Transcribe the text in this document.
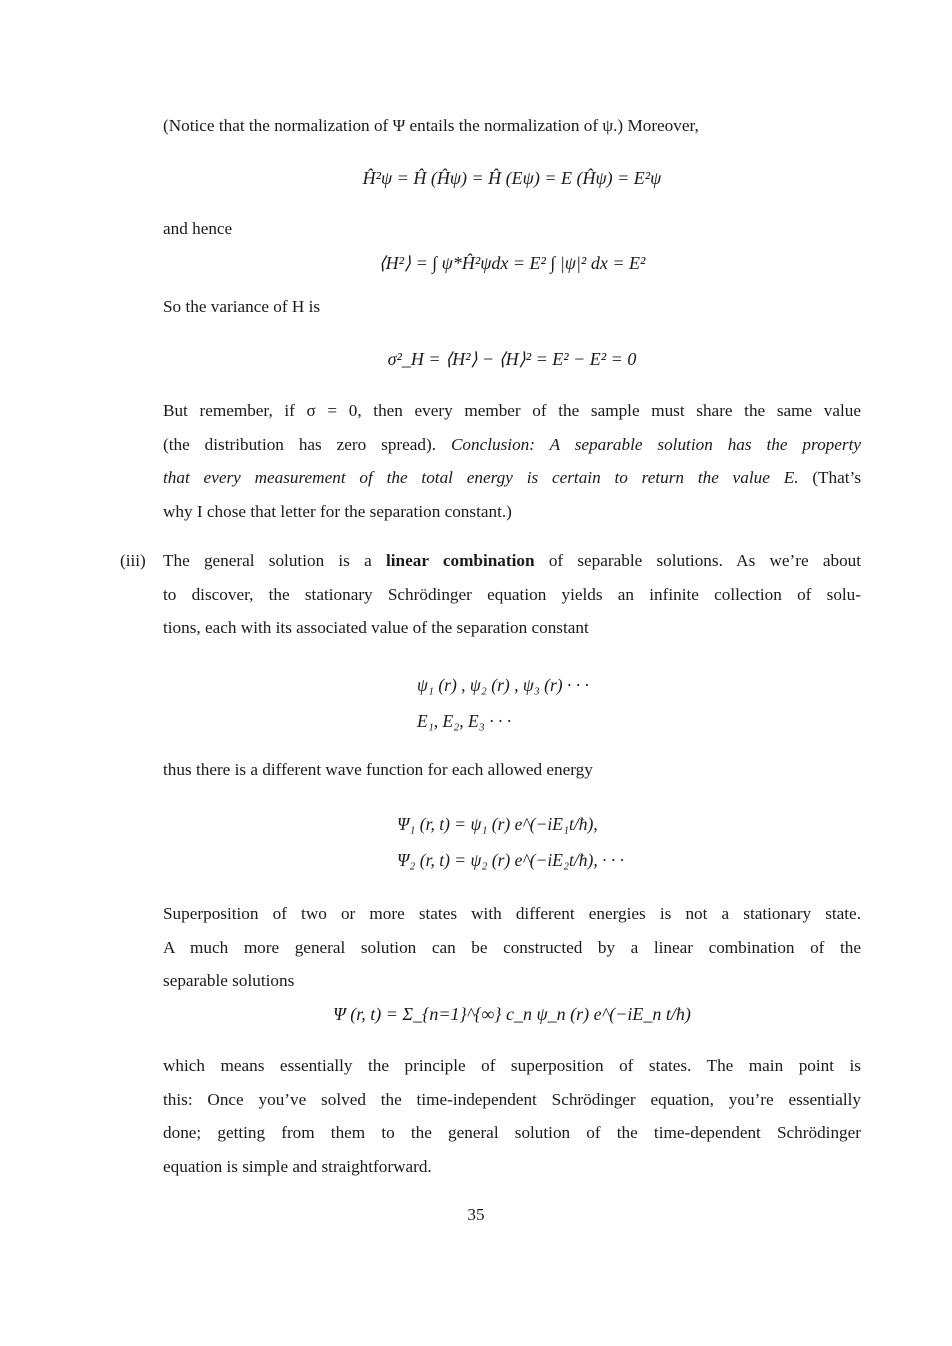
(Notice that the normalization of Ψ entails the normalization of ψ.) Moreover,
Ĥ²ψ = Ĥ (Ĥψ) = Ĥ (Eψ) = E (Ĥψ) = E²ψ
and hence
⟨H²⟩ = ∫ ψ*Ĥ²ψdx = E² ∫ |ψ|² dx = E²
So the variance of H is
σ²_H = ⟨H²⟩ − ⟨H⟩² = E² − E² = 0
But remember, if σ = 0, then every member of the sample must share the same value
(the distribution has zero spread). Conclusion: A separable solution has the property
that every measurement of the total energy is certain to return the value E. (That’s
why I chose that letter for the separation constant.)
(iii) The general solution is a linear combination of separable solutions. As we’re about
to discover, the stationary Schrödinger equation yields an infinite collection of solu-
tions, each with its associated value of the separation constant
ψ₁ (r) , ψ₂ (r) , ψ₃ (r) · · ·
E₁, E₂, E₃ · · ·
thus there is a different wave function for each allowed energy
Ψ₁ (r, t) = ψ₁ (r) e^(−iE₁t/ħ),
Ψ₂ (r, t) = ψ₂ (r) e^(−iE₂t/ħ), · · ·
Superposition of two or more states with different energies is not a stationary state.
A much more general solution can be constructed by a linear combination of the
separable solutions
Ψ (r, t) = Σ_{n=1}^{∞} c_n ψ_n (r) e^(−iE_n t/ħ)
which means essentially the principle of superposition of states. The main point is
this: Once you’ve solved the time-independent Schrödinger equation, you’re essentially
done; getting from them to the general solution of the time-dependent Schrödinger
equation is simple and straightforward.
35
